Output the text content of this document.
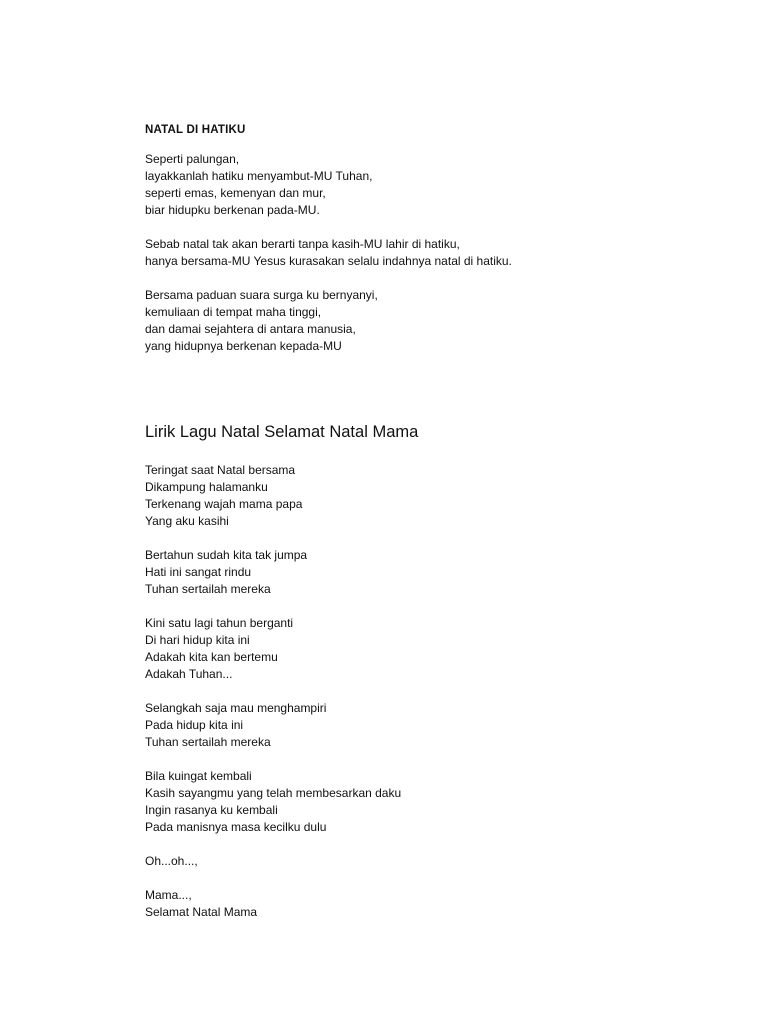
NATAL DI HATIKU
Seperti palungan,
layakkanlah hatiku menyambut-MU Tuhan,
seperti emas, kemenyan dan mur,
biar hidupku berkenan pada-MU.
Sebab natal tak akan berarti tanpa kasih-MU lahir di hatiku,
hanya bersama-MU Yesus kurasakan selalu indahnya natal di hatiku.
Bersama paduan suara surga ku bernyanyi,
kemuliaan di tempat maha tinggi,
dan damai sejahtera di antara manusia,
yang hidupnya berkenan kepada-MU
Lirik Lagu Natal Selamat Natal Mama
Teringat saat Natal bersama
Dikampung halamanku
Terkenang wajah mama papa
Yang aku kasihi
Bertahun sudah kita tak jumpa
Hati ini sangat rindu
Tuhan sertailah mereka
Kini satu lagi tahun berganti
Di hari hidup kita ini
Adakah kita kan bertemu
Adakah Tuhan...
Selangkah saja mau menghampiri
Pada hidup kita ini
Tuhan sertailah mereka
Bila kuingat kembali
Kasih sayangmu yang telah membesarkan daku
Ingin rasanya ku kembali
Pada manisnya masa kecilku dulu
Oh...oh...,
Mama...,
Selamat Natal Mama
